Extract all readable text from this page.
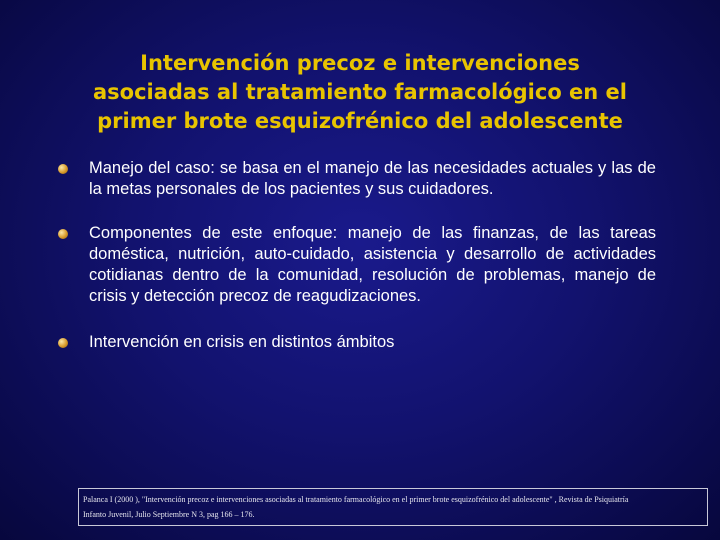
Intervención precoz e intervenciones
asociadas al tratamiento farmacológico en el
primer brote esquizofrénico del adolescente
Manejo del caso: se basa en el manejo de las necesidades actuales y las de la metas personales de los pacientes y sus cuidadores.
Componentes de este enfoque: manejo de las finanzas, de las tareas doméstica, nutrición, auto-cuidado, asistencia y desarrollo de actividades cotidianas dentro de la comunidad, resolución de problemas, manejo de crisis y detección precoz de reagudizaciones.
Intervención en crisis en distintos ámbitos
Palanca I (2000 ), "Intervención precoz e intervenciones asociadas al tratamiento farmacológico en el primer brote esquizofrénico del adolescente" , Revista de Psiquiatría
Infanto Juvenil, Julio Septiembre N 3, pag 166 – 176.
